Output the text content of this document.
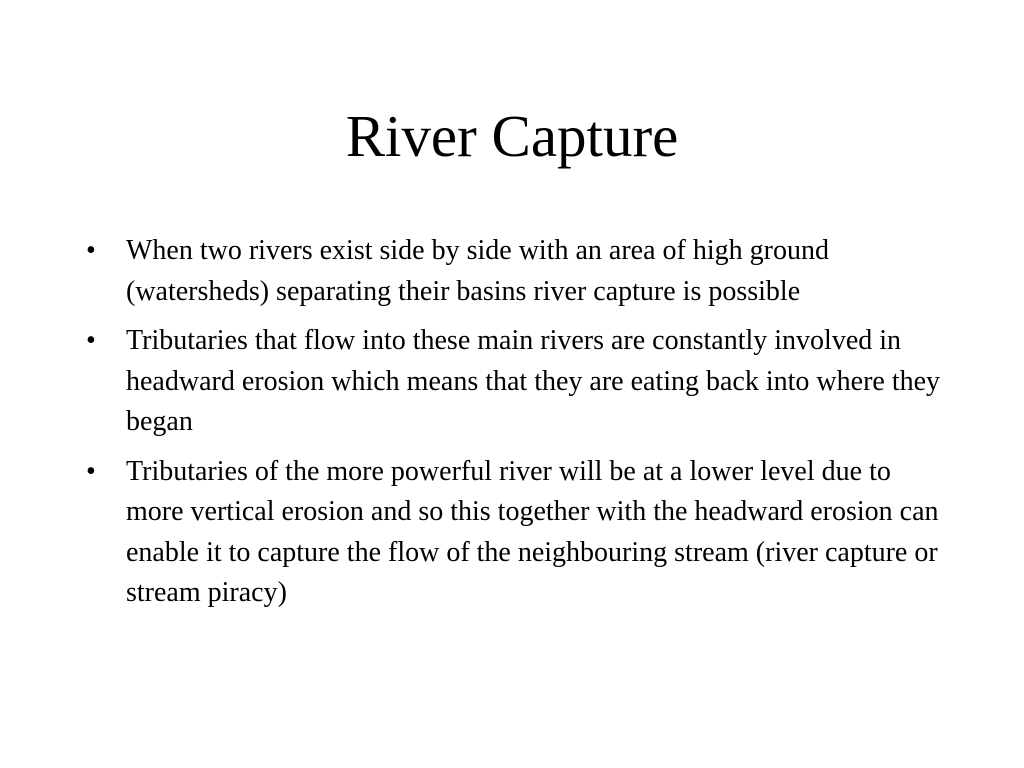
River Capture
•	When two rivers exist side by side with an area of high ground (watersheds) separating their basins river capture is possible
•	Tributaries that flow into these main rivers are constantly involved in headward erosion which means that they are eating back into where they began
•	Tributaries of the more powerful river will be at a lower level due to more vertical erosion and so this together with the headward erosion can enable it to capture the flow of the neighbouring stream (river capture or stream piracy)
